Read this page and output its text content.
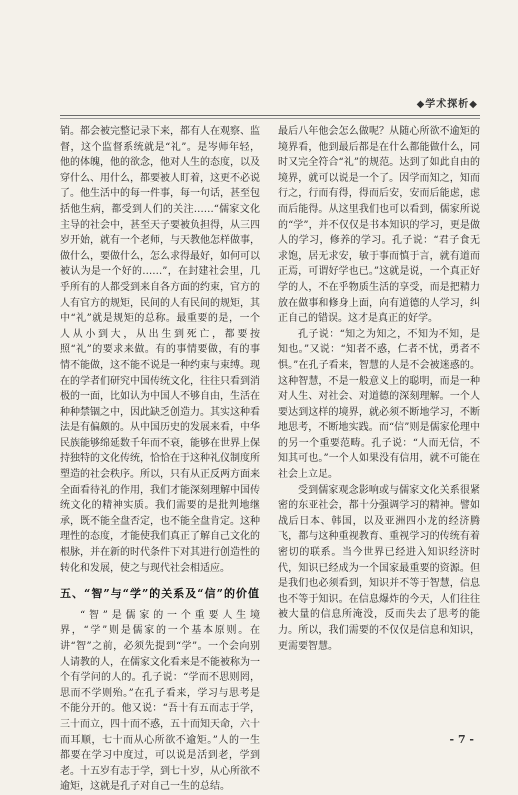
◆学术探析◆

销。都会被完整记录下来，都有人在观察、监督，这个监督系统就是“礼”。是岑师年轻，他的体魄，他的欲念，他对人生的态度，以及穿什么、用什么，都要被人盯着，这更不必说了。他生活中的每一件事，每一句话，甚至包括他生病，都受到人们的关注……“儒家文化主导的社会中，甚至天子要被负担得，从三四岁开始，就有一个老师，与天教他怎样做事，做什么，要做什么，怎么求得最好，如何可以被认为是一个好的……”，在封建社会里，几乎所有的人都受到来自各方面的约束，官方的人有官方的规矩，民间的人有民间的规矩，其中“礼”就是规矩的总称。最重要的是，一个人从小到大，从出生到死亡，都要按照“礼”的要求来做。有的事情要做，有的事情不能做，这不能不说是一种约束与束缚。现在的学者们研究中国传统文化，往往只看到消极的一面，比如认为中国人不够自由，生活在种种禁锢之中，因此缺乏创造力。其实这种看法是有偏颇的。从中国历史的发展来看，中华民族能够绵延数千年而不衰，能够在世界上保持独特的文化传统，恰恰在于这种礼仪制度所塑造的社会秩序。所以，只有从正反两方面来全面看待礼的作用，我们才能深刻理解中国传统文化的精神实质。我们需要的是批判地继承，既不能全盘否定，也不能全盘肯定。这种理性的态度，才能使我们真正了解自己文化的根脉，并在新的时代条件下对其进行创造性的转化和发展，使之与现代社会相适应。

五、“智”与“学”的关系及“信”的价值

“智”是儒家的一个重要人生境界，“学”则是儒家的一个基本原则。在讲“智”之前，必须先提到“学”。一个会向别人请教的人，在儒家文化看来是不能被称为一个有学问的人的。孔子说：“学而不思则罔，思而不学则殆。”在孔子看来，学习与思考是不能分开的。他又说：“吾十有五而志于学，三十而立，四十而不惑，五十而知天命，六十而耳顺，七十而从心所欲不逾矩。”人的一生都要在学习中度过，可以说是活到老，学到老。十五岁有志于学，到七十岁，从心所欲不逾矩，这就是孔子对自己一生的总结。

最后八年他会怎么做呢？从随心所欲不逾矩的境界看，他到最后都是在什么都能做什么，同时又完全符合“礼”的规范。达到了如此自由的境界，就可以说是一个了。因学而知之，知而行之，行而有得，得而后安，安而后能虑，虑而后能得。从这里我们也可以看到，儒家所说的“学”，并不仅仅是书本知识的学习，更是做人的学习，修养的学习。孔子说：“君子食无求饱，居无求安，敏于事而慎于言，就有道而正焉，可谓好学也已。”这就是说，一个真正好学的人，不在乎物质生活的享受，而是把精力放在做事和修身上面，向有道德的人学习，纠正自己的错误。这才是真正的好学。

孔子说：“知之为知之，不知为不知，是知也。”又说：“知者不惑，仁者不忧，勇者不惧。”在孔子看来，智慧的人是不会被迷惑的。这种智慧，不是一般意义上的聪明，而是一种对人生、对社会、对道德的深刻理解。一个人要达到这样的境界，就必须不断地学习，不断地思考，不断地实践。而“信”则是儒家伦理中的另一个重要范畴。孔子说：“人而无信，不知其可也。”一个人如果没有信用，就不可能在社会上立足。

受到儒家观念影响或与儒家文化关系很紧密的东亚社会，都十分强调学习的精神。譬如战后日本、韩国，以及亚洲四小龙的经济腾飞，都与这种重视教育、重视学习的传统有着密切的联系。当今世界已经进入知识经济时代，知识已经成为一个国家最重要的资源。但是我们也必须看到，知识并不等于智慧，信息也不等于知识。在信息爆炸的今天，人们往往被大量的信息所淹没，反而失去了思考的能力。所以，我们需要的不仅仅是信息和知识，更需要智慧。

- 7 -
